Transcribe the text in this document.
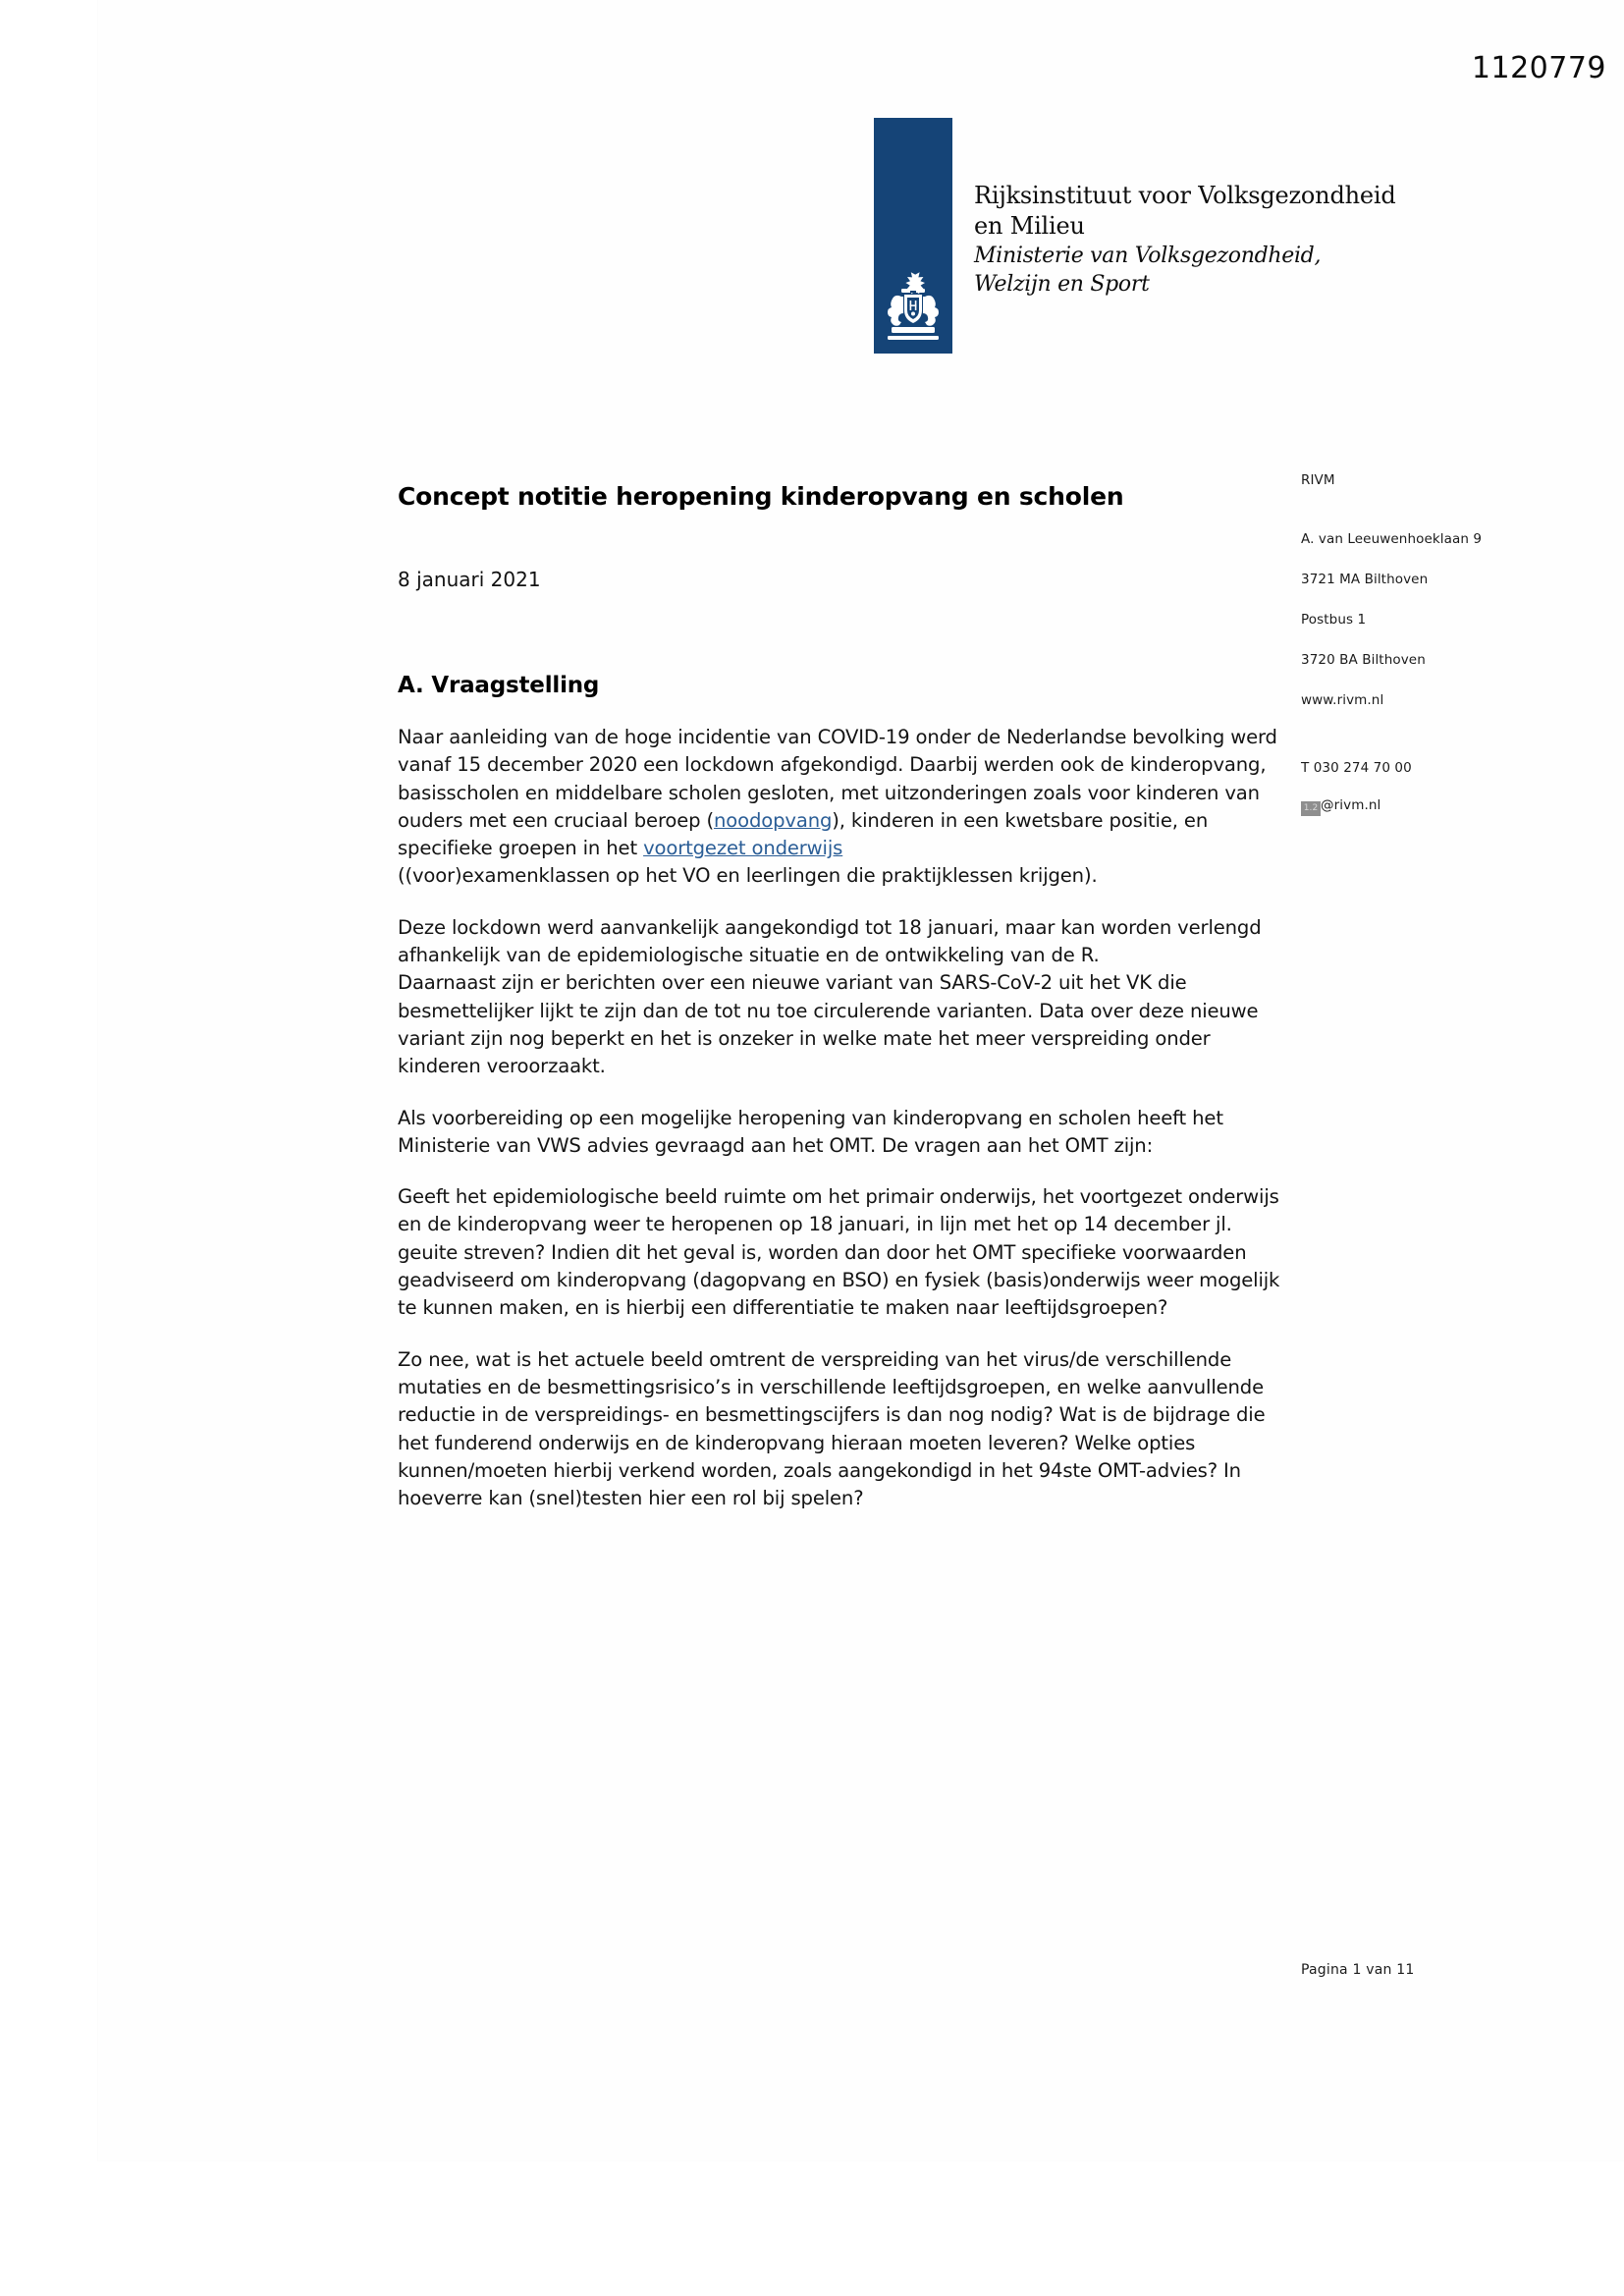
1120779
Rijksinstituut voor Volksgezondheid
en Milieu
Ministerie van Volksgezondheid,
Welzijn en Sport
Concept notitie heropening kinderopvang en scholen
8 januari 2021
A. Vraagstelling
Naar aanleiding van de hoge incidentie van COVID-19 onder de Nederlandse bevolking werd vanaf 15 december 2020 een lockdown afgekondigd. Daarbij werden ook de kinderopvang, basisscholen en middelbare scholen gesloten, met uitzonderingen zoals voor kinderen van ouders met een cruciaal beroep (noodopvang), kinderen in een kwetsbare positie, en specifieke groepen in het voortgezet onderwijs
((voor)examenklassen op het VO en leerlingen die praktijklessen krijgen).
Deze lockdown werd aanvankelijk aangekondigd tot 18 januari, maar kan worden verlengd afhankelijk van de epidemiologische situatie en de ontwikkeling van de R.
Daarnaast zijn er berichten over een nieuwe variant van SARS-CoV-2 uit het VK die besmettelijker lijkt te zijn dan de tot nu toe circulerende varianten. Data over deze nieuwe variant zijn nog beperkt en het is onzeker in welke mate het meer verspreiding onder kinderen veroorzaakt.
Als voorbereiding op een mogelijke heropening van kinderopvang en scholen heeft het Ministerie van VWS advies gevraagd aan het OMT. De vragen aan het OMT zijn:
Geeft het epidemiologische beeld ruimte om het primair onderwijs, het voortgezet onderwijs en de kinderopvang weer te heropenen op 18 januari, in lijn met het op 14 december jl. geuite streven? Indien dit het geval is, worden dan door het OMT specifieke voorwaarden geadviseerd om kinderopvang (dagopvang en BSO) en fysiek (basis)onderwijs weer mogelijk te kunnen maken, en is hierbij een differentiatie te maken naar leeftijdsgroepen?
Zo nee, wat is het actuele beeld omtrent de verspreiding van het virus/de verschillende mutaties en de besmettingsrisico’s in verschillende leeftijdsgroepen, en welke aanvullende reductie in de verspreidings- en besmettingscijfers is dan nog nodig? Wat is de bijdrage die het funderend onderwijs en de kinderopvang hieraan moeten leveren? Welke opties kunnen/moeten hierbij verkend worden, zoals aangekondigd in het 94ste OMT-advies? In hoeverre kan (snel)testen hier een rol bij spelen?
RIVM
A. van Leeuwenhoeklaan 9
3721 MA Bilthoven
Postbus 1
3720 BA Bilthoven
www.rivm.nl
T 030 274 70 00
1.2 @rivm.nl
Pagina 1 van 11
